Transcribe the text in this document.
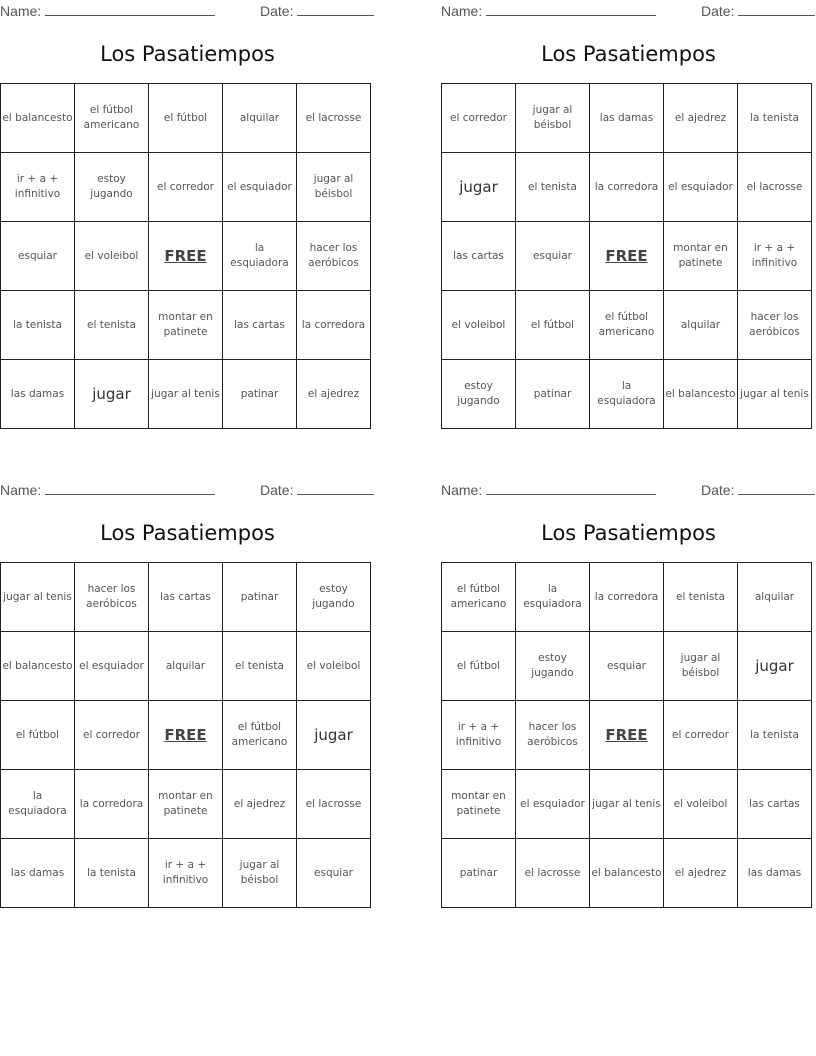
Name:	Date:
Los Pasatiempos
el balancesto	el fútbol americano	el fútbol	alquilar	el lacrosse
ir + a + infinitivo	estoy jugando	el corredor	el esquiador	jugar al béisbol
esquiar	el voleibol	FREE	la esquiadora	hacer los aeróbicos
la tenista	el tenista	montar en patinete	las cartas	la corredora
las damas	jugar	jugar al tenis	patinar	el ajedrez
Name:	Date:
Los Pasatiempos
el corredor	jugar al béisbol	las damas	el ajedrez	la tenista
jugar	el tenista	la corredora	el esquiador	el lacrosse
las cartas	esquiar	FREE	montar en patinete	ir + a + infinitivo
el voleibol	el fútbol	el fútbol americano	alquilar	hacer los aeróbicos
estoy jugando	patinar	la esquiadora	el balancesto	jugar al tenis
Name:	Date:
Los Pasatiempos
jugar al tenis	hacer los aeróbicos	las cartas	patinar	estoy jugando
el balancesto	el esquiador	alquilar	el tenista	el voleibol
el fútbol	el corredor	FREE	el fútbol americano	jugar
la esquiadora	la corredora	montar en patinete	el ajedrez	el lacrosse
las damas	la tenista	ir + a + infinitivo	jugar al béisbol	esquiar
Name:	Date:
Los Pasatiempos
el fútbol americano	la esquiadora	la corredora	el tenista	alquilar
el fútbol	estoy jugando	esquiar	jugar al béisbol	jugar
ir + a + infinitivo	hacer los aeróbicos	FREE	el corredor	la tenista
montar en patinete	el esquiador	jugar al tenis	el voleibol	las cartas
patinar	el lacrosse	el balancesto	el ajedrez	las damas
